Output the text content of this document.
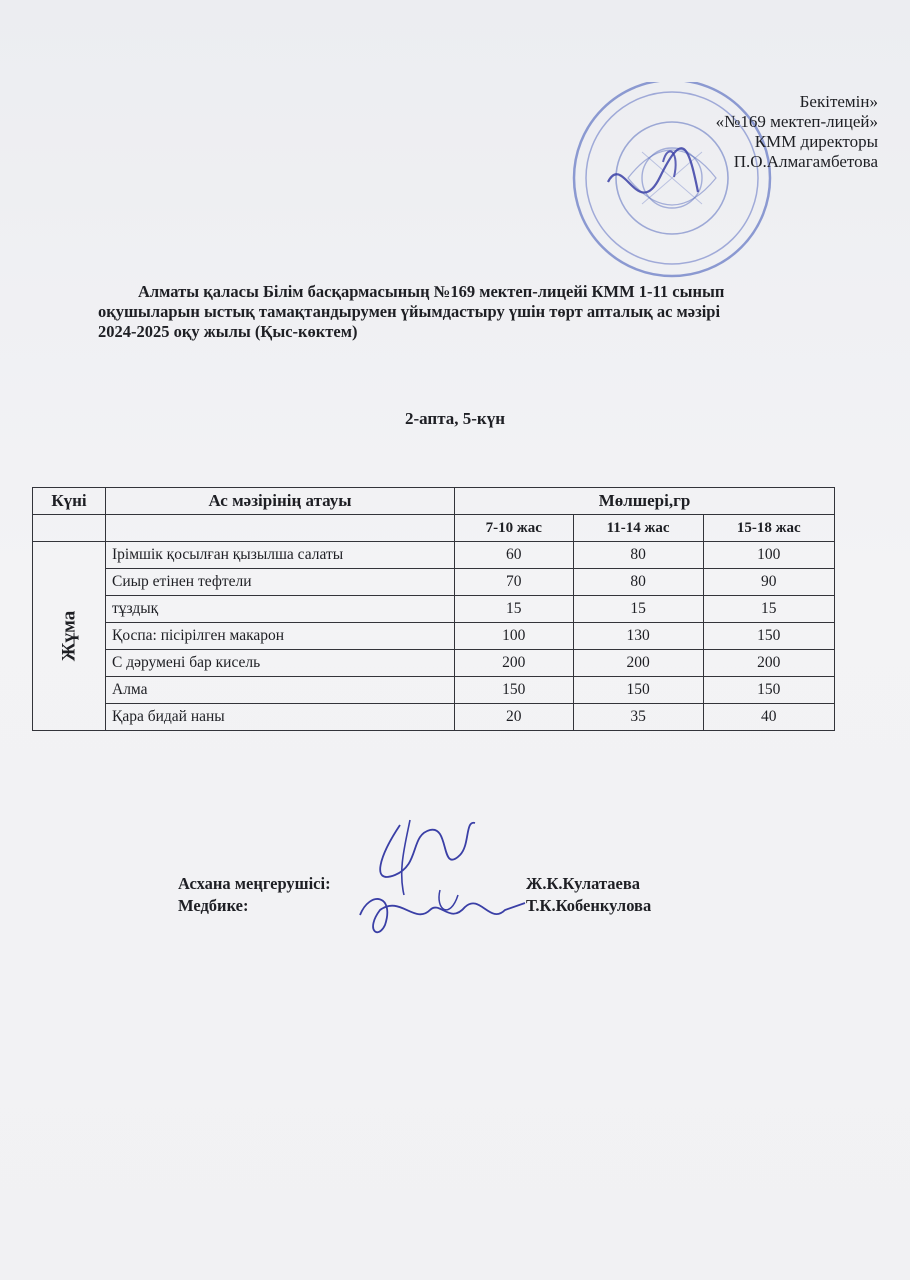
Бекітемін»
«№169 мектеп-лицей»
КММ директоры
П.О.Алмагамбетова
Алматы қаласы Білім басқармасының №169 мектеп-лицейі КММ 1-11 сынып
оқушыларын ыстық тамақтандырумен үйымдастыру үшін төрт апталық ас мәзірі
2024-2025 оқу жылы (Қыс-көктем)
2-апта, 5-күн
Күні	Ас мәзірінің атауы	Мөлшері,гр		
		7-10 жас	11-14 жас	15-18 жас
Жұма	Ірімшік қосылған қызылша салаты	60	80	100
	Сиыр етінен тефтели	70	80	90
	тұздық	15	15	15
	Қоспа: пісірілген макарон	100	130	150
	С дәрумені бар кисель	200	200	200
	Алма	150	150	150
	Қара бидай наны	20	35	40
Асхана меңгерушісі:	Ж.К.Кулатаева
Медбике:	Т.К.Кобенкулова
